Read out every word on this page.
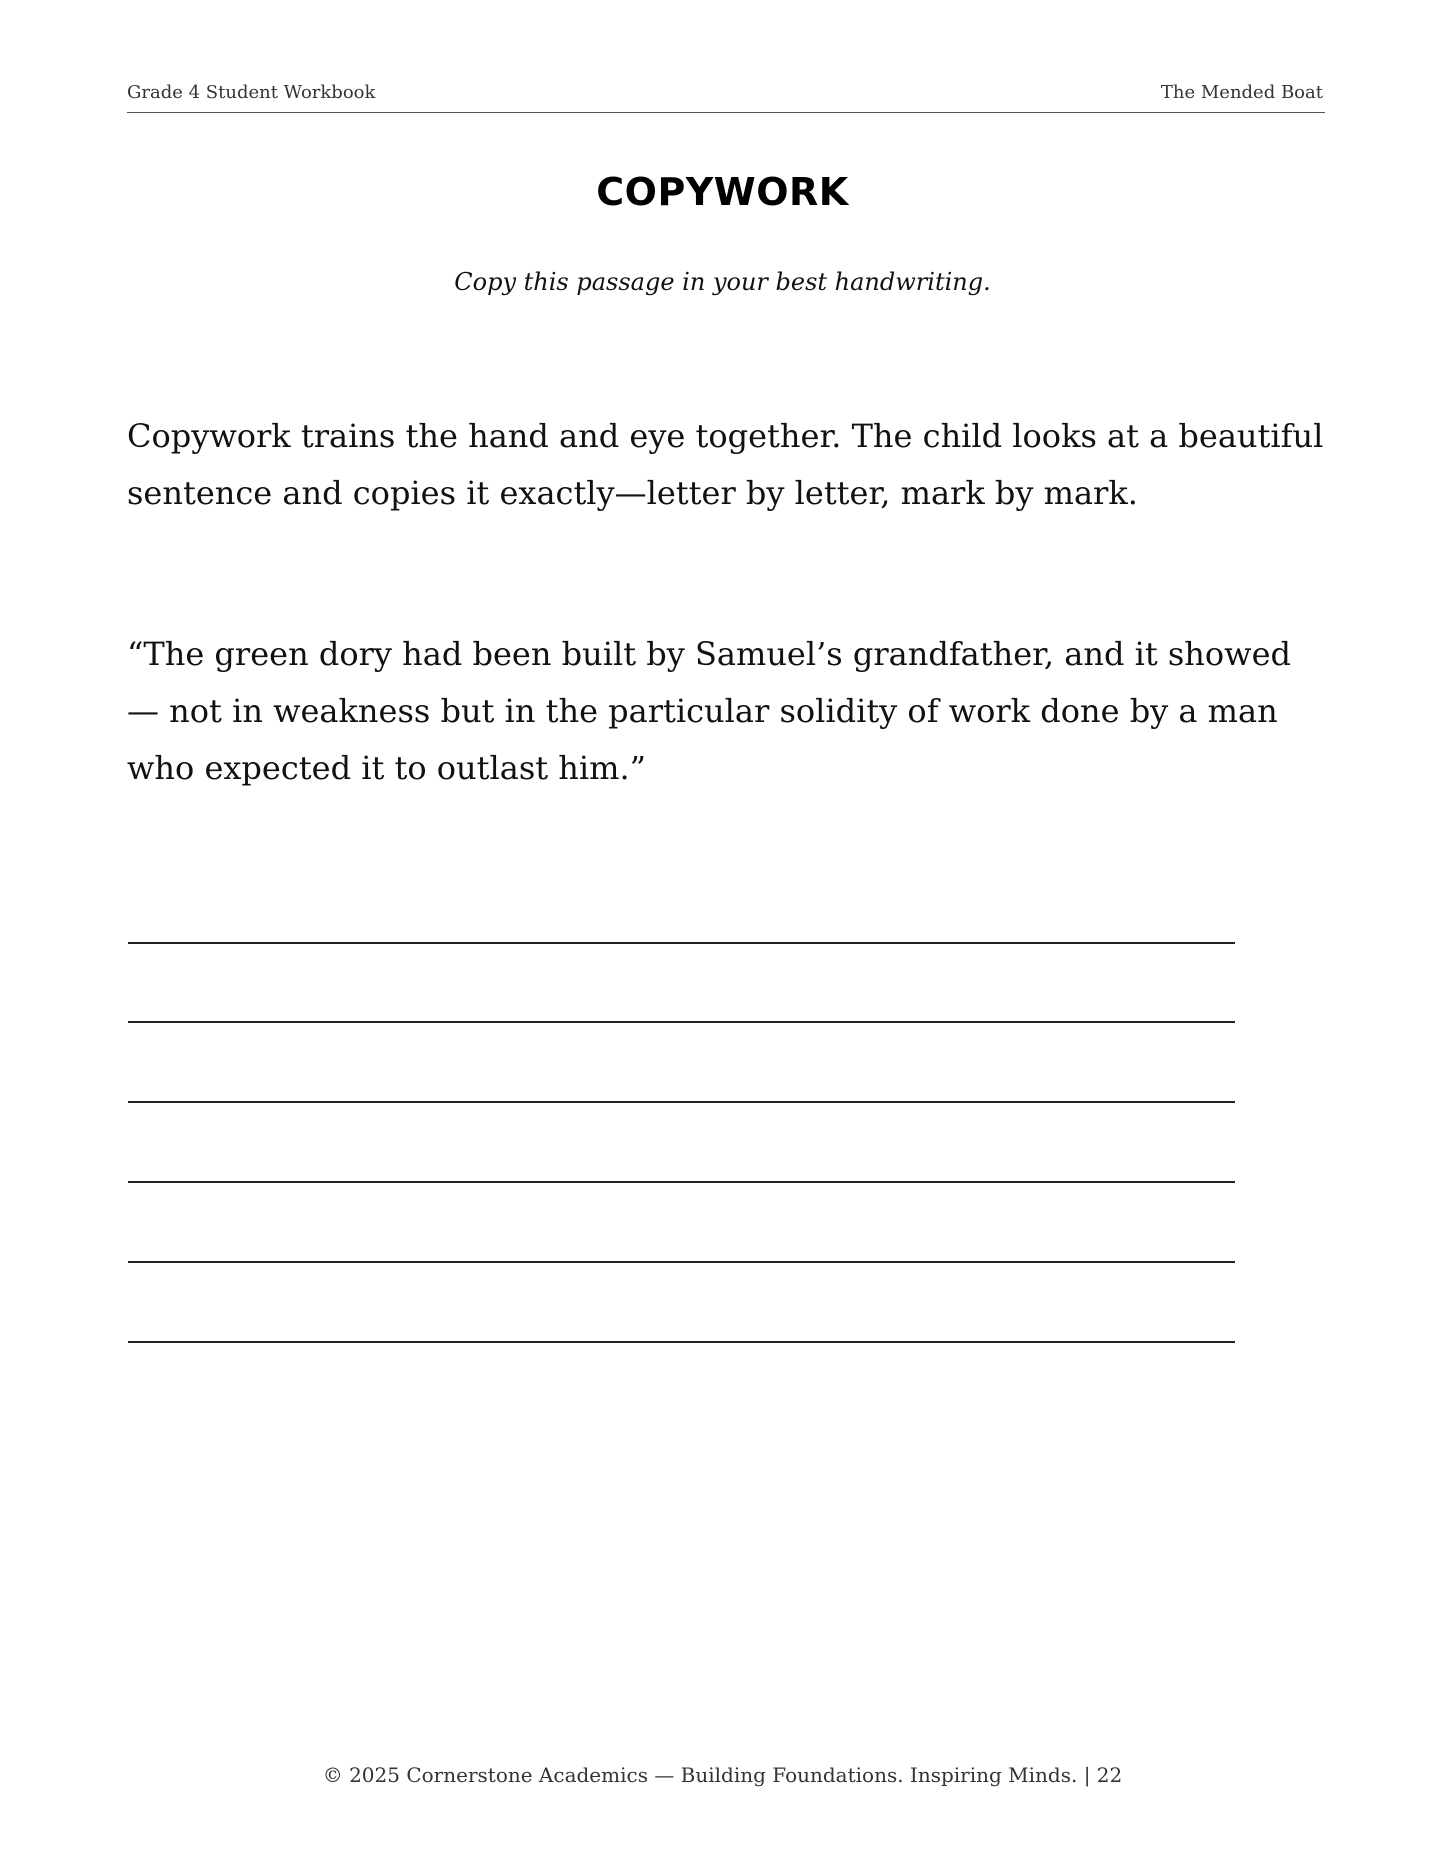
Grade 4 Student Workbook	The Mended Boat
COPYWORK
Copy this passage in your best handwriting.
Copywork trains the hand and eye together. The child looks at a beautiful sentence and copies it exactly—letter by letter, mark by mark.
“The green dory had been built by Samuel’s grandfather, and it showed — not in weakness but in the particular solidity of work done by a man who expected it to outlast him.”
© 2025 Cornerstone Academics — Building Foundations. Inspiring Minds. | 22
